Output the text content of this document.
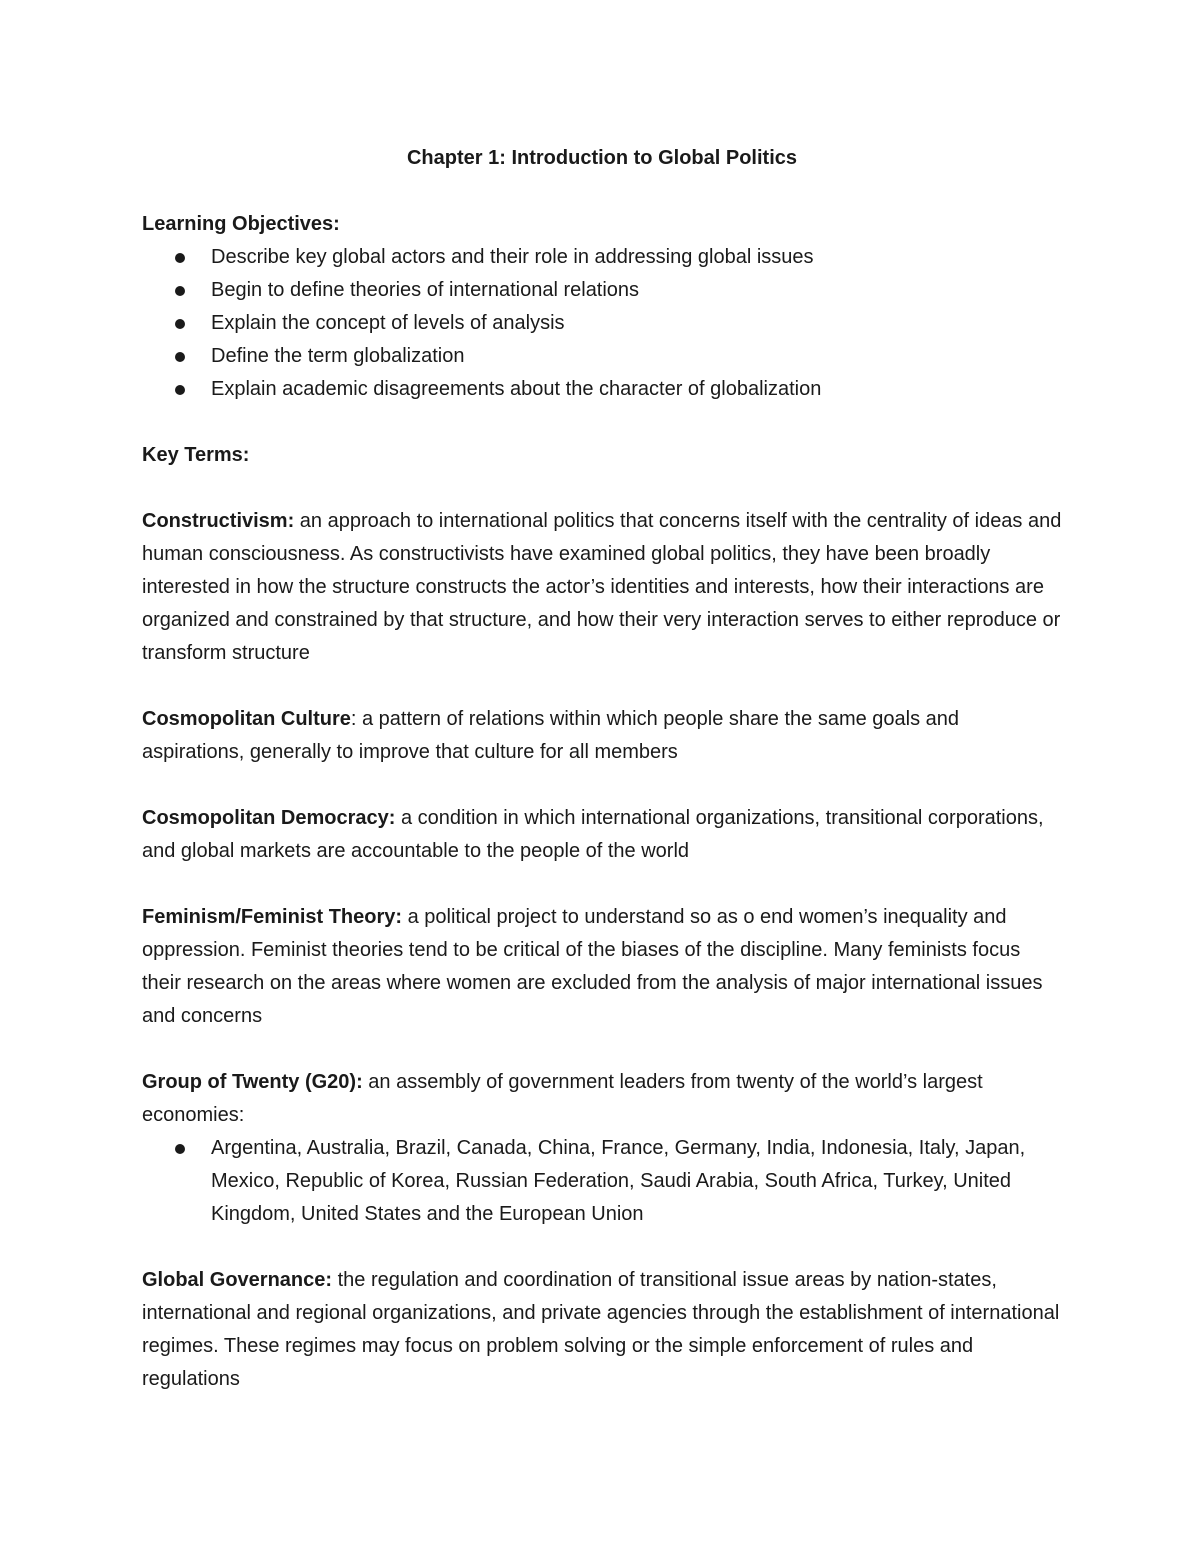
Chapter 1: Introduction to Global Politics

Learning Objectives:

Describe key global actors and their role in addressing global issues
Begin to define theories of international relations
Explain the concept of levels of analysis
Define the term globalization
Explain academic disagreements about the character of globalization

Key Terms:

Constructivism: an approach to international politics that concerns itself with the centrality of ideas and human consciousness. As constructivists have examined global politics, they have been broadly interested in how the structure constructs the actor’s identities and interests, how their interactions are organized and constrained by that structure, and how their very interaction serves to either reproduce or transform structure

Cosmopolitan Culture: a pattern of relations within which people share the same goals and aspirations, generally to improve that culture for all members

Cosmopolitan Democracy: a condition in which international organizations, transitional corporations, and global markets are accountable to the people of the world

Feminism/Feminist Theory: a political project to understand so as o end women’s inequality and oppression. Feminist theories tend to be critical of the biases of the discipline. Many feminists focus their research on the areas where women are excluded from the analysis of major international issues and concerns

Group of Twenty (G20): an assembly of government leaders from twenty of the world’s largest economies:

Argentina, Australia, Brazil, Canada, China, France, Germany, India, Indonesia, Italy, Japan, Mexico, Republic of Korea, Russian Federation, Saudi Arabia, South Africa, Turkey, United Kingdom, United States and the European Union

Global Governance: the regulation and coordination of transitional issue areas by nation-states, international and regional organizations, and private agencies through the establishment of international regimes. These regimes may focus on problem solving or the simple enforcement of rules and regulations
